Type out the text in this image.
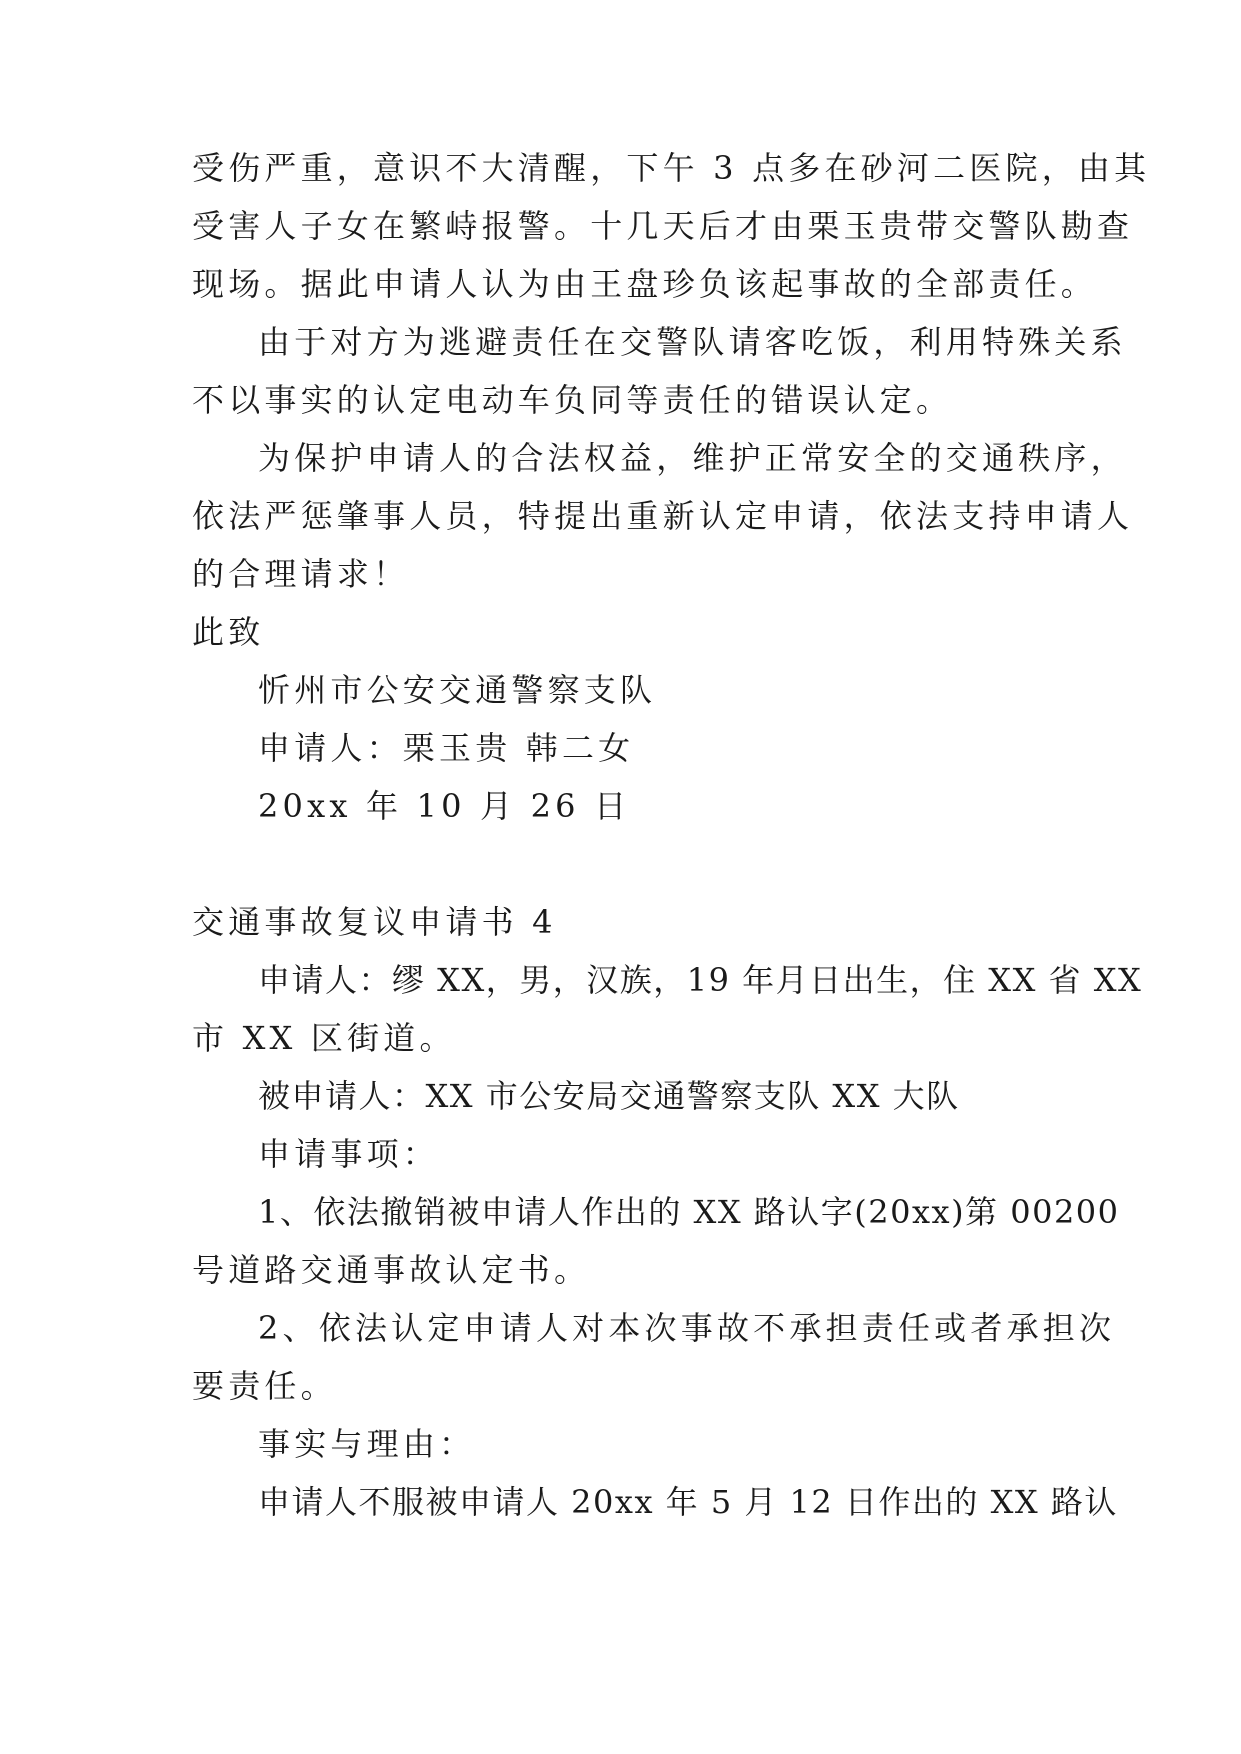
受伤严重，意识不大清醒，下午 3 点多在砂河二医院，由其
受害人子女在繁峙报警。十几天后才由栗玉贵带交警队勘查
现场。据此申请人认为由王盘珍负该起事故的全部责任。
由于对方为逃避责任在交警队请客吃饭，利用特殊关系
不以事实的认定电动车负同等责任的错误认定。
为保护申请人的合法权益，维护正常安全的交通秩序，
依法严惩肇事人员，特提出重新认定申请，依法支持申请人
的合理请求！
此致
忻州市公安交通警察支队
申请人：栗玉贵 韩二女
20xx 年 10 月 26 日
交通事故复议申请书 4
申请人：缪 XX，男，汉族，19 年月日出生，住 XX 省 XX
市 XX 区街道。
被申请人：XX 市公安局交通警察支队 XX 大队
申请事项：
1、依法撤销被申请人作出的 XX 路认字(20xx)第 00200
号道路交通事故认定书。
2、依法认定申请人对本次事故不承担责任或者承担次
要责任。
事实与理由：
申请人不服被申请人 20xx 年 5 月 12 日作出的 XX 路认
